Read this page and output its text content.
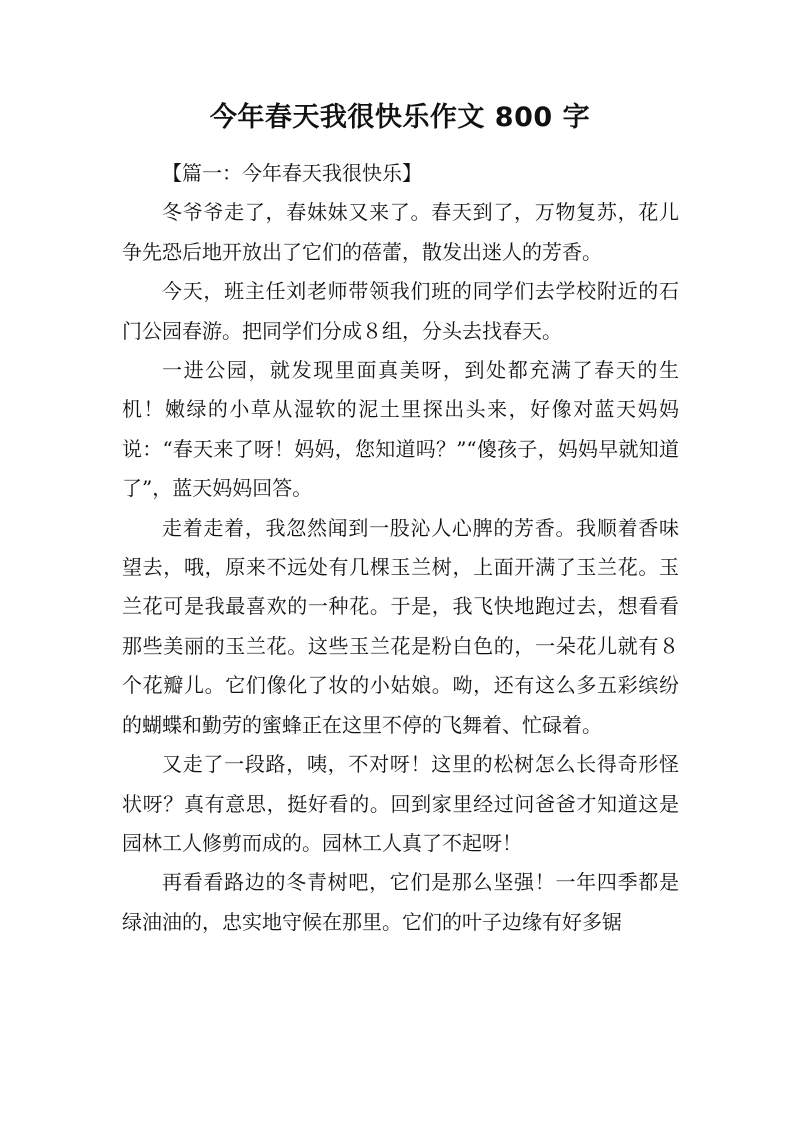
今年春天我很快乐作文 800 字

【篇一：今年春天我很快乐】

冬爷爷走了，春妹妹又来了。春天到了，万物复苏，花儿争先恐后地开放出了它们的蓓蕾，散发出迷人的芳香。

今天，班主任刘老师带领我们班的同学们去学校附近的石门公园春游。把同学们分成８组，分头去找春天。

一进公园，就发现里面真美呀，到处都充满了春天的生机！嫩绿的小草从湿软的泥土里探出头来，好像对蓝天妈妈说：“春天来了呀！妈妈，您知道吗？”“傻孩子，妈妈早就知道了”，蓝天妈妈回答。

走着走着，我忽然闻到一股沁人心脾的芳香。我顺着香味望去，哦，原来不远处有几棵玉兰树，上面开满了玉兰花。玉兰花可是我最喜欢的一种花。于是，我飞快地跑过去，想看看那些美丽的玉兰花。这些玉兰花是粉白色的，一朵花儿就有８个花瓣儿。它们像化了妆的小姑娘。呦，还有这么多五彩缤纷的蝴蝶和勤劳的蜜蜂正在这里不停的飞舞着、忙碌着。

又走了一段路，咦，不对呀！这里的松树怎么长得奇形怪状呀？真有意思，挺好看的。回到家里经过问爸爸才知道这是园林工人修剪而成的。园林工人真了不起呀！

再看看路边的冬青树吧，它们是那么坚强！一年四季都是绿油油的，忠实地守候在那里。它们的叶子边缘有好多锯
